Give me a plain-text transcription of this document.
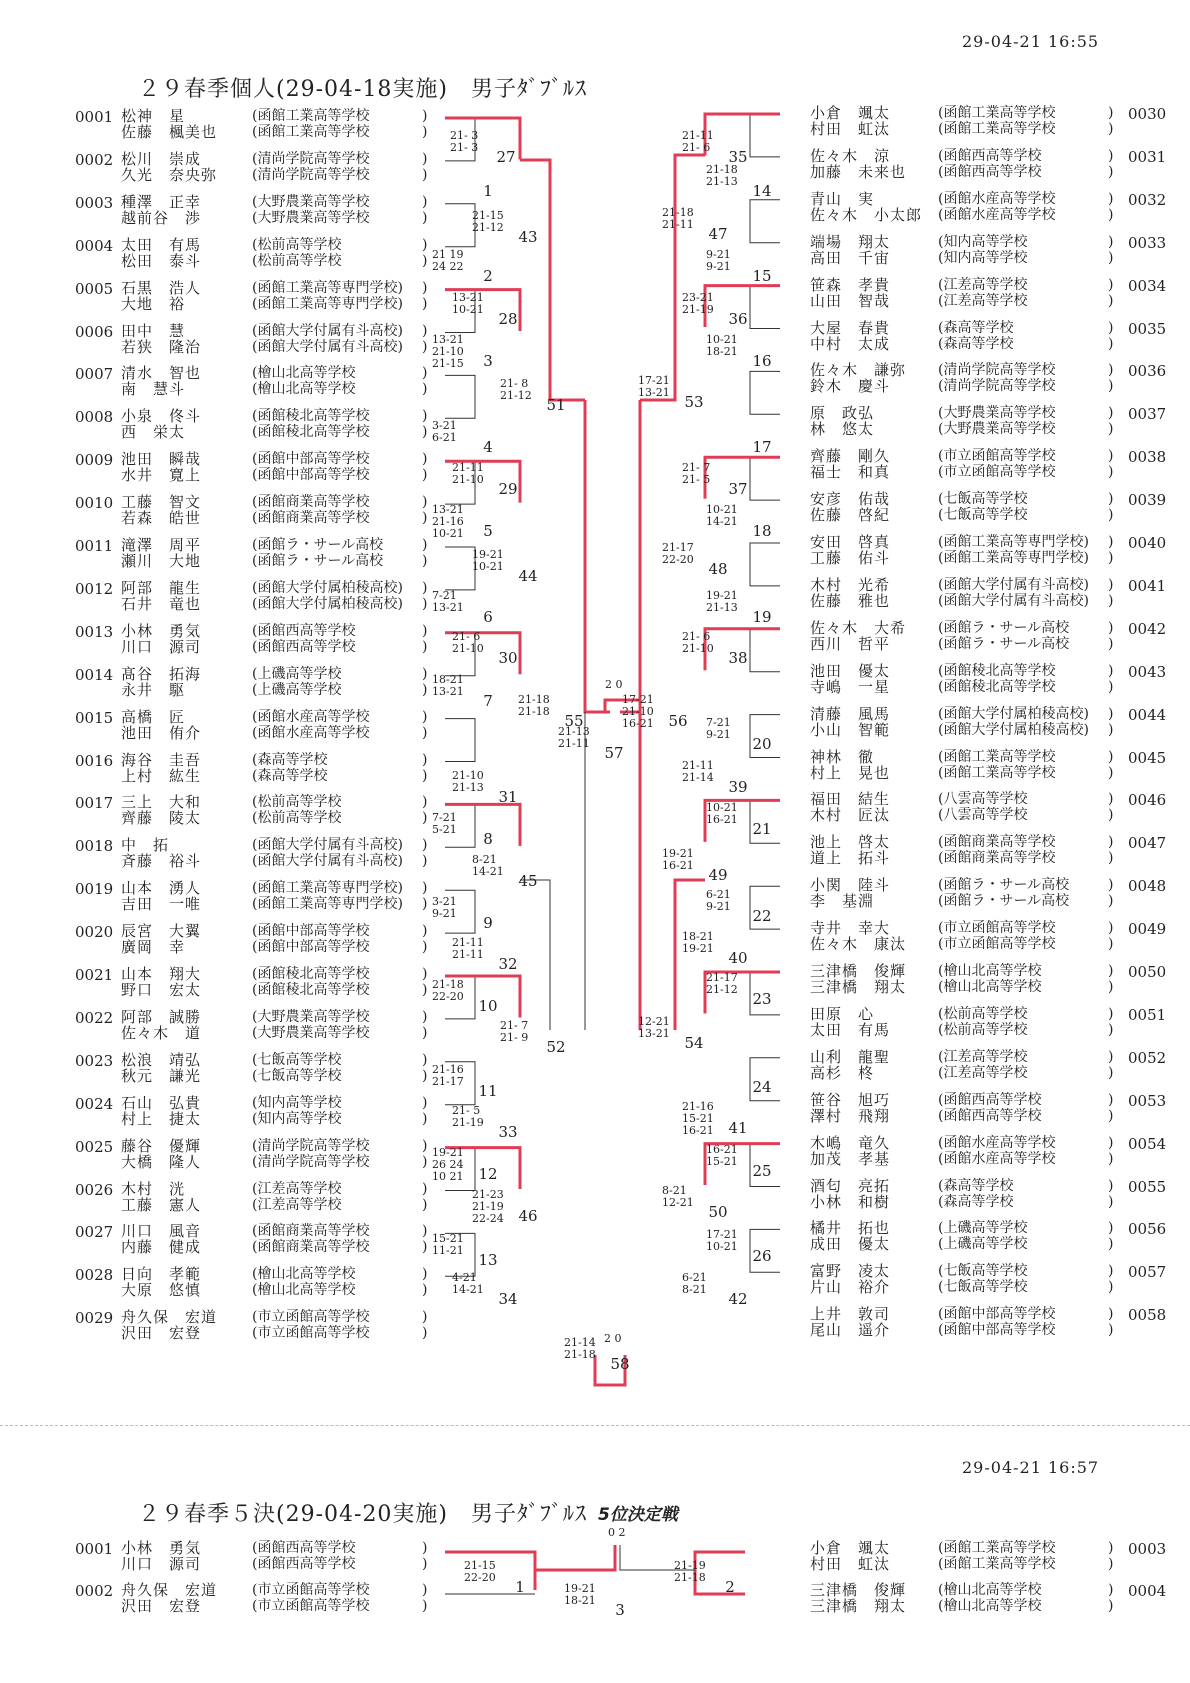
29-04-21 16:55
２９春季個人(29-04-18実施)　男子ﾀﾞﾌﾞﾙｽ
0001 松神　星
佐藤　楓美也
(函館工業高等学校
(函館工業高等学校
)
)
0002 松川　崇成
久光　奈央弥
(清尚学院高等学校
(清尚学院高等学校
)
)
0003 種澤　正幸
越前谷　渉
(大野農業高等学校
(大野農業高等学校
)
)
0004 太田　有馬
松田　泰斗
(松前高等学校
(松前高等学校
)
)
0005 石黒　浩人
大地　裕
(函館工業高等専門学校)
(函館工業高等専門学校)
)
)
0006 田中　慧
若狭　隆治
(函館大学付属有斗高校)
(函館大学付属有斗高校)
)
)
0007 清水　智也
南　慧斗
(檜山北高等学校
(檜山北高等学校
)
)
0008 小泉　佟斗
西　栄太
(函館稜北高等学校
(函館稜北高等学校
)
)
0009 池田　瞬哉
水井　寛上
(函館中部高等学校
(函館中部高等学校
)
)
0010 工藤　智文
若森　皓世
(函館商業高等学校
(函館商業高等学校
)
)
0011 滝澤　周平
瀬川　大地
(函館ラ・サール高校
(函館ラ・サール高校
)
)
0012 阿部　龍生
石井　竜也
(函館大学付属柏稜高校)
(函館大学付属柏稜高校)
)
)
0013 小林　勇気
川口　源司
(函館西高等学校
(函館西高等学校
)
)
0014 髙谷　拓海
永井　駆
(上磯高等学校
(上磯高等学校
)
)
0015 高橋　匠
池田　侑介
(函館水産高等学校
(函館水産高等学校
)
)
0016 海谷　圭吾
上村　紘生
(森高等学校
(森高等学校
)
)
0017 三上　大和
齊藤　陵太
(松前高等学校
(松前高等学校
)
)
0018 中　拓
斉藤　裕斗
(函館大学付属有斗高校)
(函館大学付属有斗高校)
)
)
0019 山本　湧人
吉田　一唯
(函館工業高等専門学校)
(函館工業高等専門学校)
)
)
0020 辰宮　大翼
廣岡　幸
(函館中部高等学校
(函館中部高等学校
)
)
0021 山本　翔大
野口　宏太
(函館稜北高等学校
(函館稜北高等学校
)
)
0022 阿部　誠勝
佐々木　道
(大野農業高等学校
(大野農業高等学校
)
)
0023 松浪　靖弘
秋元　謙光
(七飯高等学校
(七飯高等学校
)
)
0024 石山　弘貴
村上　捷太
(知内高等学校
(知内高等学校
)
)
0025 藤谷　優輝
大橋　隆人
(清尚学院高等学校
(清尚学院高等学校
)
)
0026 木村　洸
工藤　憲人
(江差高等学校
(江差高等学校
)
)
0027 川口　風音
内藤　健成
(函館商業高等学校
(函館商業高等学校
)
)
0028 日向　孝範
大原　悠慎
(檜山北高等学校
(檜山北高等学校
)
)
0029 舟久保　宏道
沢田　宏登
(市立函館高等学校
(市立函館高等学校
)
)
0030
小倉　颯太
村田　虹汰
(函館工業高等学校
(函館工業高等学校
)
)
0031
佐々木　涼
加藤　未来也
(函館西高等学校
(函館西高等学校
)
)
0032
青山　実
佐々木　小太郎
(函館水産高等学校
(函館水産高等学校
)
)
0033
端場　翔太
高田　千宙
(知内高等学校
(知内高等学校
)
)
0034
笹森　孝貴
山田　智哉
(江差高等学校
(江差高等学校
)
)
0035
大屋　春貴
中村　太成
(森高等学校
(森高等学校
)
)
0036
佐々木　謙弥
鈴木　慶斗
(清尚学院高等学校
(清尚学院高等学校
)
)
0037
原　政弘
林　悠太
(大野農業高等学校
(大野農業高等学校
)
)
0038
齊藤　剛久
福士　和真
(市立函館高等学校
(市立函館高等学校
)
)
0039
安彦　佑哉
佐藤　啓紀
(七飯高等学校
(七飯高等学校
)
)
0040
安田　啓真
工藤　佑斗
(函館工業高等専門学校)
(函館工業高等専門学校)
)
)
0041
木村　光希
佐藤　雅也
(函館大学付属有斗高校)
(函館大学付属有斗高校)
)
)
0042
佐々木　大希
西川　哲平
(函館ラ・サール高校
(函館ラ・サール高校
)
)
0043
池田　優太
寺嶋　一星
(函館稜北高等学校
(函館稜北高等学校
)
)
0044
清藤　風馬
小山　智範
(函館大学付属柏稜高校)
(函館大学付属柏稜高校)
)
)
0045
神林　徹
村上　晃也
(函館工業高等学校
(函館工業高等学校
)
)
0046
福田　結生
木村　匠汰
(八雲高等学校
(八雲高等学校
)
)
0047
池上　啓太
道上　拓斗
(函館商業高等学校
(函館商業高等学校
)
)
0048
小関　陸斗
李　基淵
(函館ラ・サール高校
(函館ラ・サール高校
)
)
0049
寺井　幸大
佐々木　康汰
(市立函館高等学校
(市立函館高等学校
)
)
0050
三津橋　俊輝
三津橋　翔太
(檜山北高等学校
(檜山北高等学校
)
)
0051
田原　心
太田　有馬
(松前高等学校
(松前高等学校
)
)
0052
山利　龍聖
高杉　柊
(江差高等学校
(江差高等学校
)
)
0053
笹谷　旭巧
澤村　飛翔
(函館西高等学校
(函館西高等学校
)
)
0054
木嶋　竜久
加茂　孝基
(函館水産高等学校
(函館水産高等学校
)
)
0055
酒匂　亮拓
小林　和樹
(森高等学校
(森高等学校
)
)
0056
橘井　拓也
成田　優太
(上磯高等学校
(上磯高等学校
)
)
0057
富野　凌太
片山　裕介
(七飯高等学校
(七飯高等学校
)
)
0058
上井　敦司
尾山　遥介
(函館中部高等学校
(函館中部高等学校
)
)
27
21- 3
21- 3
1
43
21-15
21-12
2
21 19
24 22
28
13-21
10-21
3
13-21
21-10
21-15
51
21- 8
21-12
4
3-21
6-21
29
21-11
21-10
5
13-21
21-16
10-21
44
19-21
10-21
6
7-21
13-21
30
21- 6
21-10
7
18-21
13-21
55
21-18
21-18
31
21-10
21-13
8
7-21
5-21
45
8-21
14-21
9
3-21
9-21
32
21-11
21-11
10
21-18
22-20
52
21- 7
21- 9
11
21-16
21-17
33
21- 5
21-19
12
19-21
26 24
10 21
46
21-23
21-19
22-24
13
15-21
11-21
34
4-21
14-21
35
21-11
21- 6
14
21-18
21-13
47
21-18
21-11
15
9-21
9-21
36
23-21
21-19
16
10-21
18-21
53
17-21
13-21
17
37
21- 7
21- 5
18
10-21
14-21
48
21-17
22-20
19
19-21
21-13
38
21- 6
21-10
56
17-21
21-10
16-21
20
7-21
9-21
39
21-11
21-14
21
10-21
16-21
49
19-21
16-21
22
6-21
9-21
40
18-21
19-21
23
21-17
21-12
54
12-21
13-21
24
41
21-16
15-21
16-21
25
16-21
15-21
50
8-21
12-21
26
17-21
10-21
42
6-21
8-21
57
21-13
21-11
2 0
58
21-14
21-18
2 0
1
21-15
22-20
2
21-19
21-18
3
19-21
18-21
0 2
29-04-21 16:57
２９春季５決(29-04-20実施)　男子ﾀﾞﾌﾞﾙｽ 5位決定戦
0001 小林　勇気
川口　源司
(函館西高等学校
(函館西高等学校
)
)
0002 舟久保　宏道
沢田　宏登
(市立函館高等学校
(市立函館高等学校
)
)
0003
小倉　颯太
村田　虹汰
(函館工業高等学校
(函館工業高等学校
)
)
0004
三津橋　俊輝
三津橋　翔太
(檜山北高等学校
(檜山北高等学校
)
)
